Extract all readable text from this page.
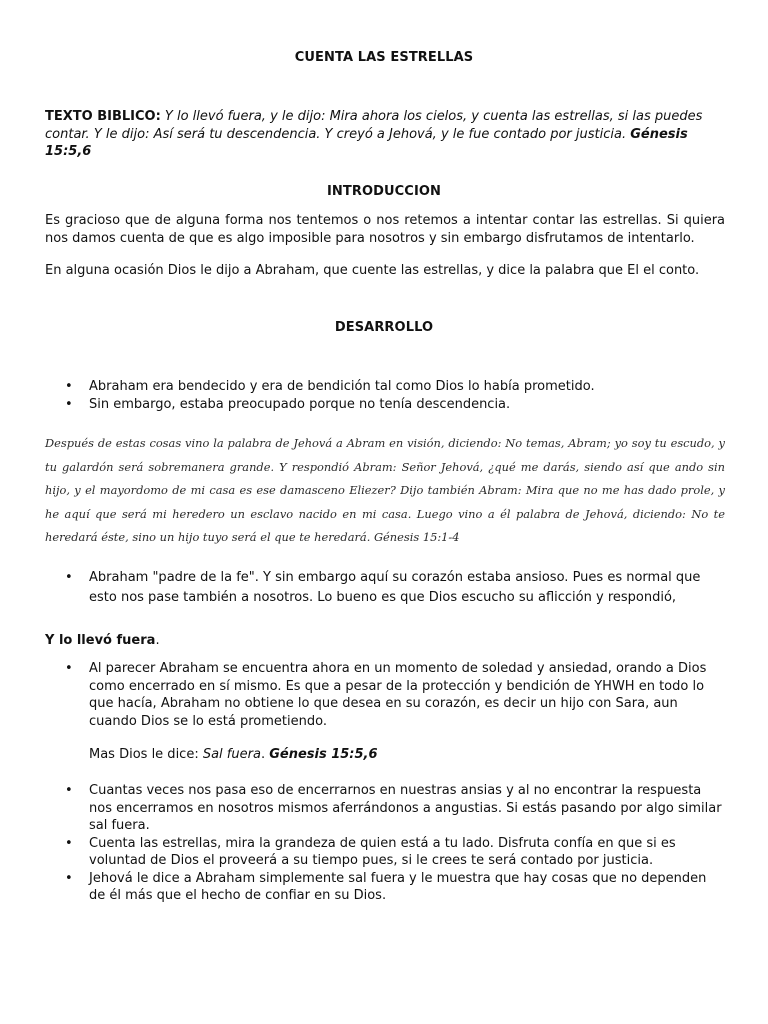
CUENTA LAS ESTRELLAS

TEXTO BIBLICO: Y lo llevó fuera, y le dijo: Mira ahora los cielos, y cuenta las estrellas, si las puedes contar. Y le dijo: Así será tu descendencia. Y creyó a Jehová, y le fue contado por justicia. Génesis 15:5,6

INTRODUCCION

Es gracioso que de alguna forma nos tentemos o nos retemos a intentar contar las estrellas. Si quiera nos damos cuenta de que es algo imposible para nosotros y sin embargo disfrutamos de intentarlo.

En alguna ocasión Dios le dijo a Abraham, que cuente las estrellas, y dice la palabra que El el conto.

DESARROLLO
• Abraham era bendecido y era de bendición tal como Dios lo había prometido.
• Sin embargo, estaba preocupado porque no tenía descendencia.

Después de estas cosas vino la palabra de Jehová a Abram en visión, diciendo: No temas, Abram; yo soy tu escudo, y tu galardón será sobremanera grande. Y respondió Abram: Señor Jehová, ¿qué me darás, siendo así que ando sin hijo, y el mayordomo de mi casa es ese damasceno Eliezer? Dijo también Abram: Mira que no me has dado prole, y he aquí que será mi heredero un esclavo nacido en mi casa. Luego vino a él palabra de Jehová, diciendo: No te heredará éste, sino un hijo tuyo será el que te heredará. Génesis 15:1-4

• Abraham "padre de la fe". Y sin embargo aquí su corazón estaba ansioso. Pues es normal que esto nos pase también a nosotros. Lo bueno es que Dios escucho su aflicción y respondió,

Y lo llevó fuera.

• Al parecer Abraham se encuentra ahora en un momento de soledad y ansiedad, orando a Dios como encerrado en sí mismo. Es que a pesar de la protección y bendición de YHWH en todo lo que hacía, Abraham no obtiene lo que desea en su corazón, es decir un hijo con Sara, aun cuando Dios se lo está prometiendo.

Mas Dios le dice: Sal fuera. Génesis 15:5,6

• Cuantas veces nos pasa eso de encerrarnos en nuestras ansias y al no encontrar la respuesta nos encerramos en nosotros mismos aferrándonos a angustias. Si estás pasando por algo similar sal fuera.
• Cuenta las estrellas, mira la grandeza de quien está a tu lado. Disfruta confía en que si es voluntad de Dios el proveerá a su tiempo pues, si le crees te será contado por justicia.
• Jehová le dice a Abraham simplemente sal fuera y le muestra que hay cosas que no dependen de él más que el hecho de confiar en su Dios.
